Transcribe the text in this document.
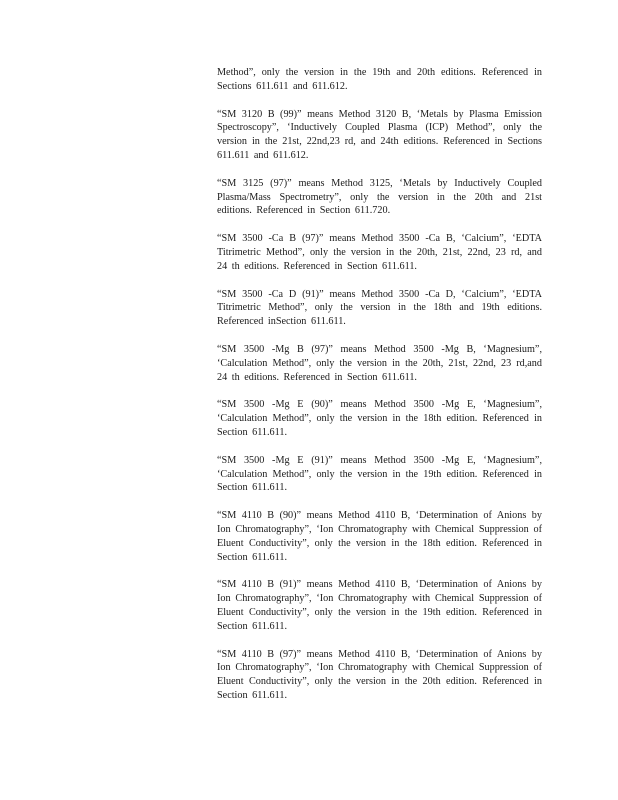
Method”, only the version in the 19th and 20th editions. Referenced in Sections 611.611 and 611.612.

“SM 3120 B (99)” means Method 3120 B, ‘Metals by Plasma Emission Spectroscopy”, ‘Inductively Coupled Plasma (ICP) Method”, only the version in the 21st, 22nd,23 rd, and 24th editions. Referenced in Sections 611.611 and 611.612.

“SM 3125 (97)” means Method 3125, ‘Metals by Inductively Coupled Plasma/Mass Spectrometry”, only the version in the 20th and 21st editions. Referenced in Section 611.720.

“SM 3500 -Ca B (97)” means Method 3500 -Ca B, ‘Calcium”, ‘EDTA Titrimetric Method”, only the version in the 20th, 21st, 22nd, 23 rd, and 24 th editions. Referenced in Section 611.611.

“SM 3500 -Ca D (91)” means Method 3500 -Ca D, ‘Calcium”, ‘EDTA Titrimetric Method”, only the version in the 18th and 19th editions. Referenced inSection 611.611.

“SM 3500 -Mg B (97)” means Method 3500 -Mg B, ‘Magnesium”, ‘Calculation Method”, only the version in the 20th, 21st, 22nd, 23 rd,and 24 th editions. Referenced in Section 611.611.

“SM 3500 -Mg E (90)” means Method 3500 -Mg E, ‘Magnesium”, ‘Calculation Method”, only the version in the 18th edition. Referenced in Section 611.611.

“SM 3500 -Mg E (91)” means Method 3500 -Mg E, ‘Magnesium”, ‘Calculation Method”, only the version in the 19th edition. Referenced in Section 611.611.

“SM 4110 B (90)” means Method 4110 B, ‘Determination of Anions by Ion Chromatography”, ‘Ion Chromatography with Chemical Suppression of Eluent Conductivity”, only the version in the 18th edition. Referenced in Section 611.611.

“SM 4110 B (91)” means Method 4110 B, ‘Determination of Anions by Ion Chromatography”, ‘Ion Chromatography with Chemical Suppression of Eluent Conductivity”, only the version in the 19th edition. Referenced in Section 611.611.

“SM 4110 B (97)” means Method 4110 B, ‘Determination of Anions by Ion Chromatography”, ‘Ion Chromatography with Chemical Suppression of Eluent Conductivity”, only the version in the 20th edition. Referenced in Section 611.611.
